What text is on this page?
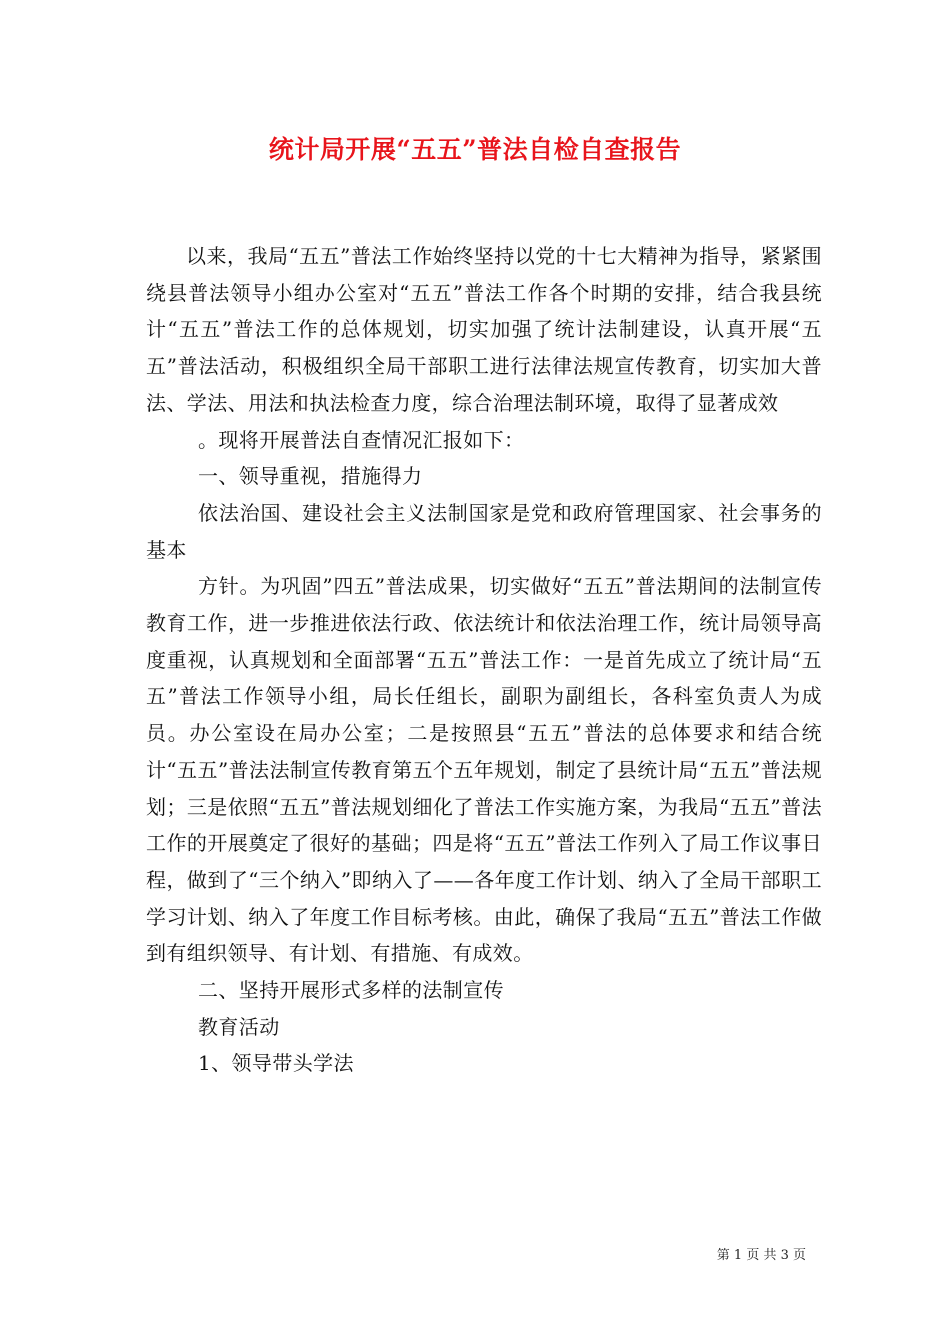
统计局开展“五五”普法自检自查报告

以来，我局“五五”普法工作始终坚持以党的十七大精神为指导，紧紧围绕县普法领导小组办公室对“五五”普法工作各个时期的安排，结合我县统计“五五”普法工作的总体规划，切实加强了统计法制建设，认真开展“五五”普法活动，积极组织全局干部职工进行法律法规宣传教育，切实加大普法、学法、用法和执法检查力度，综合治理法制环境，取得了显著成效

。现将开展普法自查情况汇报如下：

一、领导重视，措施得力

依法治国、建设社会主义法制国家是党和政府管理国家、社会事务的基本

方针。为巩固”四五”普法成果，切实做好“五五”普法期间的法制宣传教育工作，进一步推进依法行政、依法统计和依法治理工作，统计局领导高度重视，认真规划和全面部署“五五”普法工作：一是首先成立了统计局“五五”普法工作领导小组，局长任组长，副职为副组长，各科室负责人为成员。办公室设在局办公室；二是按照县“五五”普法的总体要求和结合统计“五五”普法法制宣传教育第五个五年规划，制定了县统计局“五五”普法规划；三是依照“五五”普法规划细化了普法工作实施方案，为我局“五五”普法工作的开展奠定了很好的基础；四是将“五五”普法工作列入了局工作议事日程，做到了“三个纳入”即纳入了——各年度工作计划、纳入了全局干部职工学习计划、纳入了年度工作目标考核。由此，确保了我局“五五”普法工作做到有组织领导、有计划、有措施、有成效。

二、坚持开展形式多样的法制宣传

教育活动

1、领导带头学法

第 1 页 共 3 页
